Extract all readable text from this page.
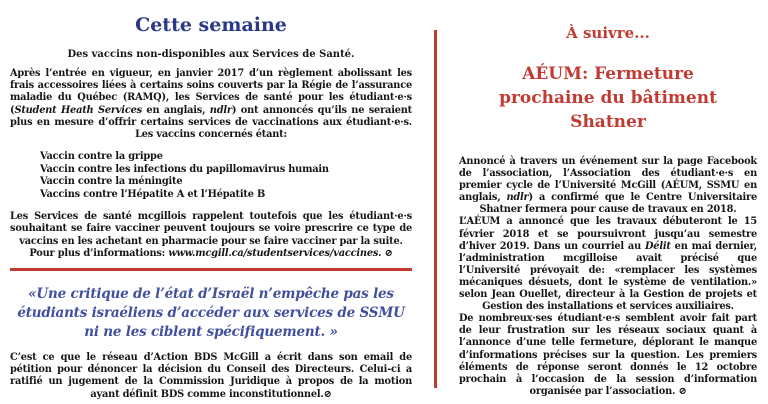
Cette semaine

Des vaccins non-disponibles aux Services de Santé.

Après l’entrée en vigueur, en janvier 2017 d’un règlement abolissant les frais accessoires liées à certains soins couverts par la Régie de l’assurance maladie du Québec (RAMQ), les Services de santé pour les étudiant·e·s (Student Heath Services en anglais, ndlr) ont annoncés qu’ils ne seraient plus en mesure d’offrir certains services de vaccinations aux étudiant·e·s. Les vaccins concernés étant:

Vaccin contre la grippe
Vaccin contre les infections du papillomavirus humain
Vaccin contre la méningite
Vaccins contre l’Hépatite A et l’Hépatite B

Les Services de santé mcgillois rappelent toutefois que les étudiant·e·s souhaitant se faire vacciner peuvent toujours se voire prescrire ce type de vaccins en les achetant en pharmacie pour se faire vacciner par la suite.

Pour plus d’informations: www.mcgill.ca/studentservices/vaccines. ⊘

«Une critique de l’état d’Israël n’empêche pas les étudiants israéliens d’accéder aux services de SSMU ni ne les ciblent spécifiquement. »

C’est ce que le réseau d’Action BDS McGill a écrit dans son email de pétition pour dénoncer la décision du Conseil des Directeurs. Celui-ci a ratifié un jugement de la Commission Juridique à propos de la motion ayant définit BDS comme inconstitutionnel.⊘

À suivre...
AÉUM: Fermeture prochaine du bâtiment Shatner

Annoncé à travers un événement sur la page Facebook de l’association, l’Association des étudiant·e·s en premier cycle de l’Université McGill (AÉUM, SSMU en anglais, ndlr) a confirmé que le Centre Universitaire Shatner fermera pour cause de travaux en 2018.

L’AÉUM a annoncé que les travaux débuteront le 15 février 2018 et se poursuivront jusqu’au semestre d’hiver 2019. Dans un courriel au Délit en mai dernier, l’administration mcgilloise avait précisé que l’Université prévoyait de: «remplacer les systèmes mécaniques désuets, dont le système de ventilation.» selon Jean Ouellet, directeur à la Gestion de projets et Gestion des installations et services auxiliaires.

De nombreux·ses étudiant·e·s semblent avoir fait part de leur frustration sur les réseaux sociaux quant à l’annonce d’une telle fermeture, déplorant le manque d’informations précises sur la question. Les premiers éléments de réponse seront donnés le 12 octobre prochain à l’occasion de la session d’information organisée par l’association. ⊘
